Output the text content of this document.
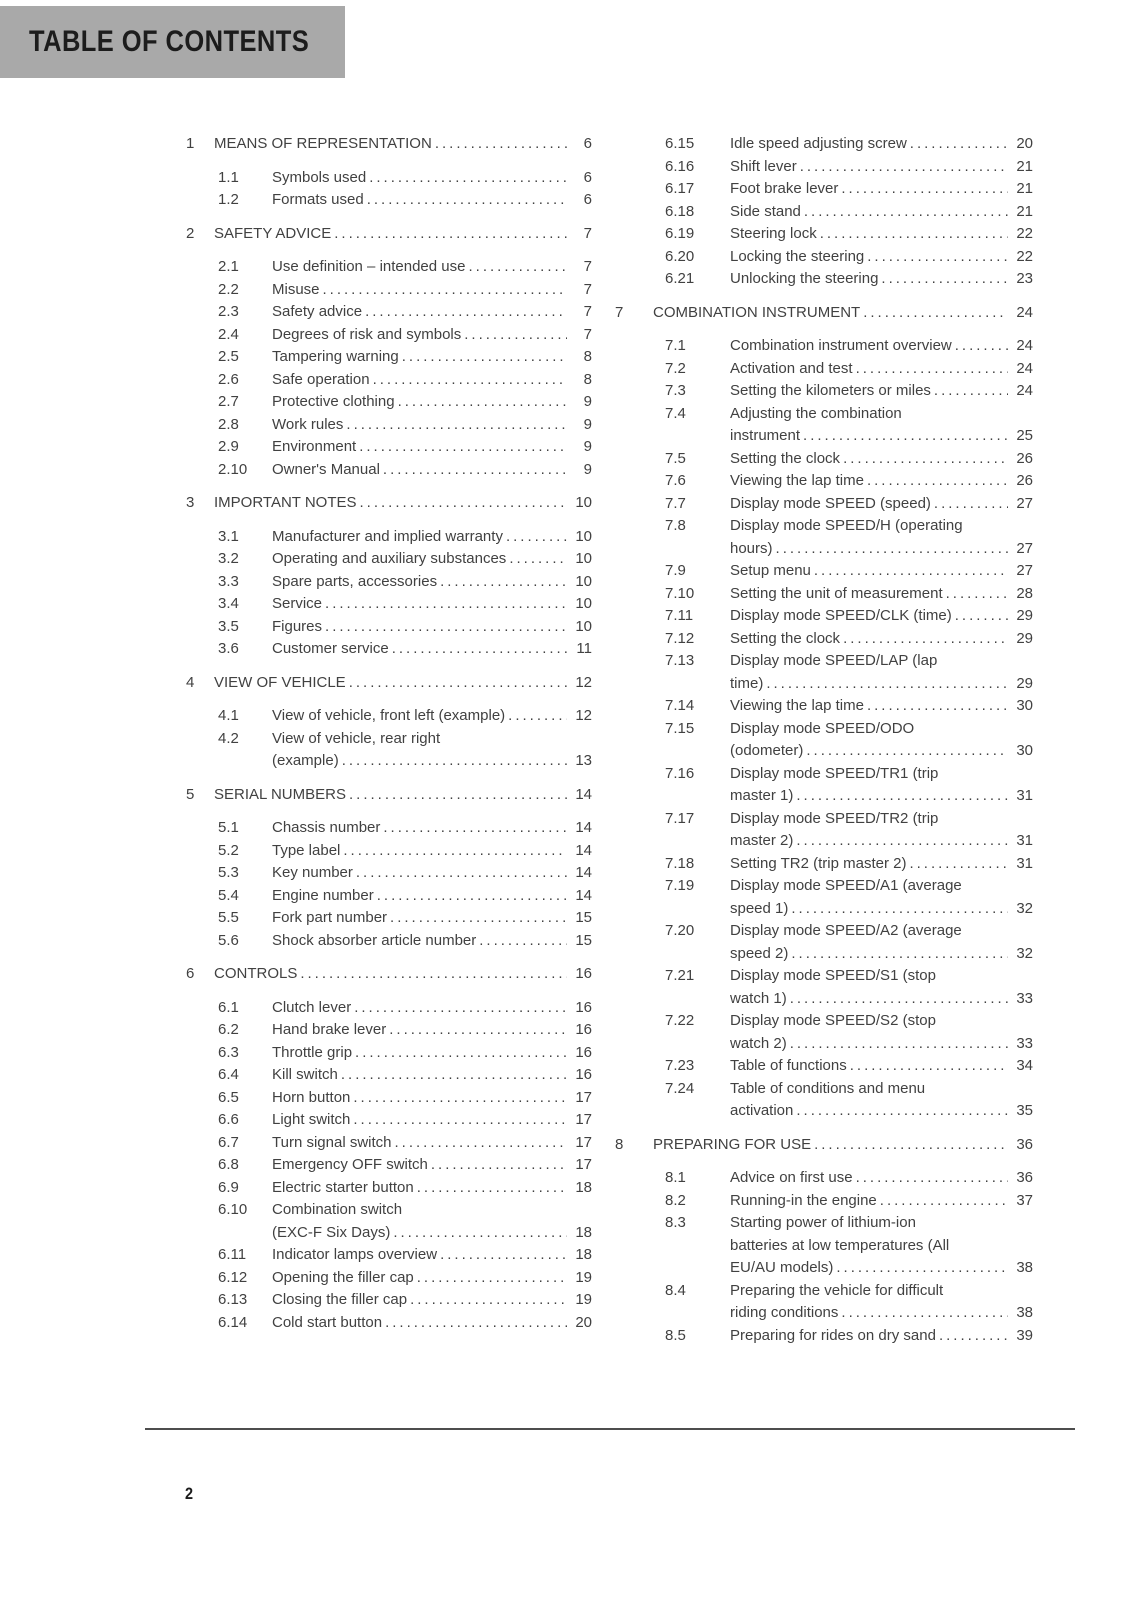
TABLE OF CONTENTS
1	MEANS OF REPRESENTATION .....	6
1.1	Symbols used .....	6
1.2	Formats used .....	6
2	SAFETY ADVICE .....	7
2.1	Use definition – intended use .....	7
2.2	Misuse .....	7
2.3	Safety advice .....	7
2.4	Degrees of risk and symbols .....	7
2.5	Tampering warning .....	8
2.6	Safe operation .....	8
2.7	Protective clothing .....	9
2.8	Work rules .....	9
2.9	Environment .....	9
2.10	Owner's Manual .....	9
3	IMPORTANT NOTES .....	10
3.1	Manufacturer and implied warranty .....	10
3.2	Operating and auxiliary substances .....	10
3.3	Spare parts, accessories .....	10
3.4	Service .....	10
3.5	Figures .....	10
3.6	Customer service .....	11
4	VIEW OF VEHICLE .....	12
4.1	View of vehicle, front left (example) .....	12
4.2	View of vehicle, rear right
(example) .....	13
5	SERIAL NUMBERS .....	14
5.1	Chassis number .....	14
5.2	Type label .....	14
5.3	Key number .....	14
5.4	Engine number .....	14
5.5	Fork part number .....	15
5.6	Shock absorber article number .....	15
6	CONTROLS .....	16
6.1	Clutch lever .....	16
6.2	Hand brake lever .....	16
6.3	Throttle grip .....	16
6.4	Kill switch .....	16
6.5	Horn button .....	17
6.6	Light switch .....	17
6.7	Turn signal switch .....	17
6.8	Emergency OFF switch .....	17
6.9	Electric starter button .....	18
6.10	Combination switch
(EXC-F Six Days) .....	18
6.11	Indicator lamps overview .....	18
6.12	Opening the filler cap .....	19
6.13	Closing the filler cap .....	19
6.14	Cold start button .....	20
6.15	Idle speed adjusting screw .....	20
6.16	Shift lever .....	21
6.17	Foot brake lever .....	21
6.18	Side stand .....	21
6.19	Steering lock .....	22
6.20	Locking the steering .....	22
6.21	Unlocking the steering .....	23
7	COMBINATION INSTRUMENT .....	24
7.1	Combination instrument overview .....	24
7.2	Activation and test .....	24
7.3	Setting the kilometers or miles .....	24
7.4	Adjusting the combination
instrument .....	25
7.5	Setting the clock .....	26
7.6	Viewing the lap time .....	26
7.7	Display mode SPEED (speed) .....	27
7.8	Display mode SPEED/H (operating
hours) .....	27
7.9	Setup menu .....	27
7.10	Setting the unit of measurement .....	28
7.11	Display mode SPEED/CLK (time) .....	29
7.12	Setting the clock .....	29
7.13	Display mode SPEED/LAP (lap
time) .....	29
7.14	Viewing the lap time .....	30
7.15	Display mode SPEED/ODO
(odometer) .....	30
7.16	Display mode SPEED/TR1 (trip
master 1) .....	31
7.17	Display mode SPEED/TR2 (trip
master 2) .....	31
7.18	Setting TR2 (trip master 2) .....	31
7.19	Display mode SPEED/A1 (average
speed 1) .....	32
7.20	Display mode SPEED/A2 (average
speed 2) .....	32
7.21	Display mode SPEED/S1 (stop
watch 1) .....	33
7.22	Display mode SPEED/S2 (stop
watch 2) .....	33
7.23	Table of functions .....	34
7.24	Table of conditions and menu
activation .....	35
8	PREPARING FOR USE .....	36
8.1	Advice on first use .....	36
8.2	Running-in the engine .....	37
8.3	Starting power of lithium-ion
batteries at low temperatures (All
EU/AU models) .....	38
8.4	Preparing the vehicle for difficult
riding conditions .....	38
8.5	Preparing for rides on dry sand .....	39
2
